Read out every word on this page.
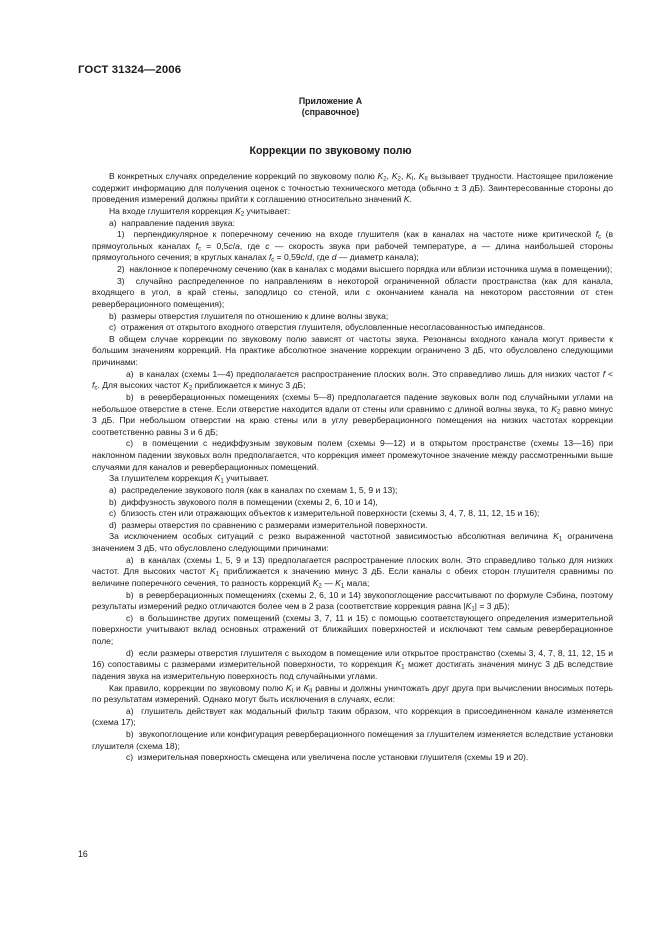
ГОСТ 31324—2006
Приложение А
(справочное)
Коррекции по звуковому полю

В конкретных случаях определение коррекций по звуковому полю $K_2$, $K_2$, $K_I$, $K_{II}$ вызывает трудности. Настоящее приложение содержит информацию для получения оценок с точностью технического метода (обычно ± 3 дБ). Заинтересованные стороны до проведения измерений должны прийти к соглашению относительно значений K.

На входе глушителя коррекция $K_2$ учитывает:

а)  направление падения звука:

1)  перпендикулярное к поперечному сечению на входе глушителя (как в каналах на частоте ниже критической $f_c$ (в прямоугольных каналах $f_c = 0,5c/a$, где c — скорость звука при рабочей температуре, a — длина наибольшей стороны прямоугольного сечения; в круглых каналах $f_c = 0,59c/d$, где d — диаметр канала);

2)  наклонное к поперечному сечению (как в каналах с модами высшего порядка или вблизи источника шума в помещении);

3)  случайно распределенное по направлениям в некоторой ограниченной области пространства (как для канала, входящего в угол, в край стены, заподлицо со стеной, или с окончанием канала на некотором расстоянии от стен реверберационного помещения);

b)  размеры отверстия глушителя по отношению к длине волны звука;

c)  отражения от открытого входного отверстия глушителя, обусловленные несогласованностью импедансов.

В общем случае коррекции по звуковому полю зависят от частоты звука. Резонансы входного канала могут привести к большим значениям коррекций. На практике абсолютное значение коррекции ограничено 3 дБ, что обусловлено следующими причинами:

а)  в каналах (схемы 1—4) предполагается распространение плоских волн. Это справедливо лишь для низких частот $f < f_c$. Для высоких частот $K_2$ приближается к минус 3 дБ;

b)  в реверберационных помещениях (схемы 5—8) предполагается падение звуковых волн под случайными углами на небольшое отверстие в стене. Если отверстие находится вдали от стены или сравнимо с длиной волны звука, то $K_2$ равно минус 3 дБ. При небольшом отверстии на краю стены или в углу реверберационного помещения на низких частотах коррекции соответственно равны 3 и 6 дБ;

c)  в помещении с недиффузным звуковым полем (схемы 9—12) и в открытом пространстве (схемы 13—16) при наклонном падении звуковых волн предполагается, что коррекция имеет промежуточное значение между рассмотренными выше случаями для каналов и реверберационных помещений.

За глушителем коррекция $K_1$ учитывает.

а)  распределение звукового поля (как в каналах по схемам 1, 5, 9 и 13);

b)  диффузность звукового поля в помещении (схемы 2, 6, 10 и 14),

c)  близость стен или отражающих объектов к измерительной поверхности (схемы 3, 4, 7, 8, 11, 12, 15 и 16);

d)  размеры отверстия по сравнению с размерами измерительной поверхности.

За исключением особых ситуаций с резко выраженной частотной зависимостью абсолютная величина $K_1$ ограничена значением 3 дБ, что обусловлено следующими причинами:

а)  в каналах (схемы 1, 5, 9 и 13) предполагается распространение плоских волн. Это справедливо только для низких частот. Для высоких частот $K_1$ приближается к значению минус 3 дБ. Если каналы с обеих сторон глушителя сравнимы по величине поперечного сечения, то разность коррекций $K_2$ — $K_1$ мала;

b)  в реверберационных помещениях (схемы 2, 6, 10 и 14) звукопоглощение рассчитывают по формуле Сэбина, поэтому результаты измерений редко отличаются более чем в 2 раза (соответствие коррекция равна $|K_1| = 3$ дБ);

c)  в большинстве других помещений (схемы 3, 7, 11 и 15) с помощью соответствующего определения измерительной поверхности учитывают вклад основных отражений от ближайших поверхностей и исключают тем самым реверберационное поле;

d)  если размеры отверстия глушителя с выходом в помещение или открытое пространство (схемы 3, 4, 7, 8, 11, 12, 15 и 16) сопоставимы с размерами измерительной поверхности, то коррекция $K_1$ может достигать значения минус 3 дБ вследствие падения звука на измерительную поверхность под случайными углами.

Как правило, коррекции по звуковому полю $K_I$ и $K_{II}$ равны и должны уничтожать друг друга при вычислении вносимых потерь по результатам измерений. Однако могут быть исключения в случаях, если:

а)  глушитель действует как модальный фильтр таким образом, что коррекция в присоединенном канале изменяется (схема 17);

b)  звукопоглощение или конфигурация реверберационного помещения за глушителем изменяется вследствие установки глушителя (схема 18);

c)  измерительная поверхность смещена или увеличена после установки глушителя (схемы 19 и 20).

16
